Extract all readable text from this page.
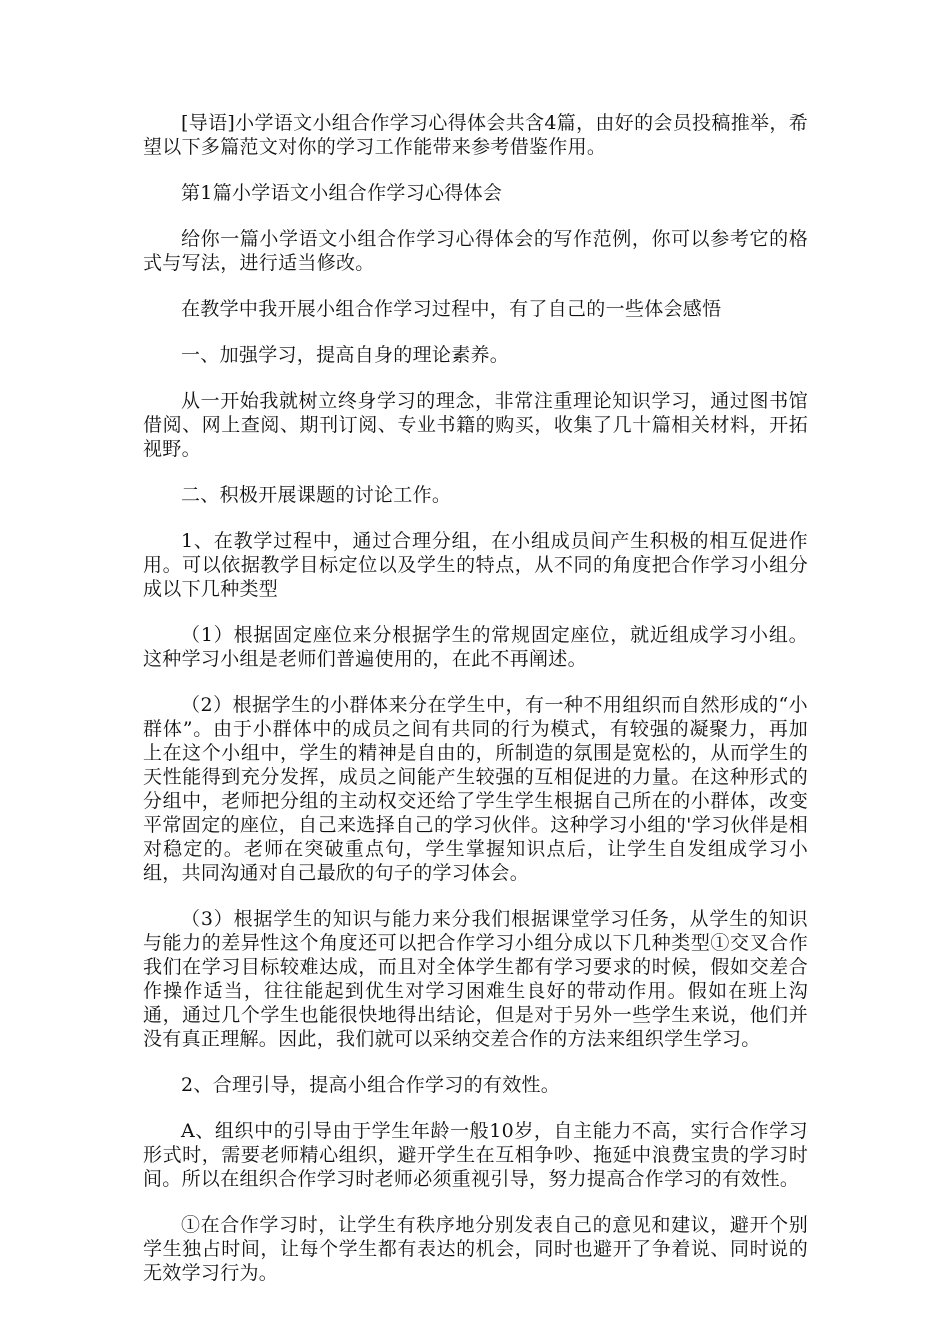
[导语]小学语文小组合作学习心得体会共含4篇，由好的会员投稿推举，希望以下多篇范文对你的学习工作能带来参考借鉴作用。

第1篇小学语文小组合作学习心得体会

给你一篇小学语文小组合作学习心得体会的写作范例，你可以参考它的格式与写法，进行适当修改。

在教学中我开展小组合作学习过程中，有了自己的一些体会感悟

一、加强学习，提高自身的理论素养。

从一开始我就树立终身学习的理念，非常注重理论知识学习，通过图书馆借阅、网上查阅、期刊订阅、专业书籍的购买，收集了几十篇相关材料，开拓视野。

二、积极开展课题的讨论工作。

1、在教学过程中，通过合理分组，在小组成员间产生积极的相互促进作用。可以依据教学目标定位以及学生的特点，从不同的角度把合作学习小组分成以下几种类型

（1）根据固定座位来分根据学生的常规固定座位，就近组成学习小组。这种学习小组是老师们普遍使用的，在此不再阐述。

（2）根据学生的小群体来分在学生中，有一种不用组织而自然形成的“小群体”。由于小群体中的成员之间有共同的行为模式，有较强的凝聚力，再加上在这个小组中，学生的精神是自由的，所制造的氛围是宽松的，从而学生的天性能得到充分发挥，成员之间能产生较强的互相促进的力量。在这种形式的分组中，老师把分组的主动权交还给了学生学生根据自己所在的小群体，改变平常固定的座位，自己来选择自己的学习伙伴。这种学习小组的'学习伙伴是相对稳定的。老师在突破重点句，学生掌握知识点后，让学生自发组成学习小组，共同沟通对自己最欣的句子的学习体会。

（3）根据学生的知识与能力来分我们根据课堂学习任务，从学生的知识与能力的差异性这个角度还可以把合作学习小组分成以下几种类型①交叉合作我们在学习目标较难达成，而且对全体学生都有学习要求的时候，假如交差合作操作适当，往往能起到优生对学习困难生良好的带动作用。假如在班上沟通，通过几个学生也能很快地得出结论，但是对于另外一些学生来说，他们并没有真正理解。因此，我们就可以采纳交差合作的方法来组织学生学习。

2、合理引导，提高小组合作学习的有效性。

A、组织中的引导由于学生年龄一般10岁，自主能力不高，实行合作学习形式时，需要老师精心组织，避开学生在互相争吵、拖延中浪费宝贵的学习时间。所以在组织合作学习时老师必须重视引导，努力提高合作学习的有效性。

①在合作学习时，让学生有秩序地分别发表自己的意见和建议，避开个别学生独占时间，让每个学生都有表达的机会，同时也避开了争着说、同时说的无效学习行为。
